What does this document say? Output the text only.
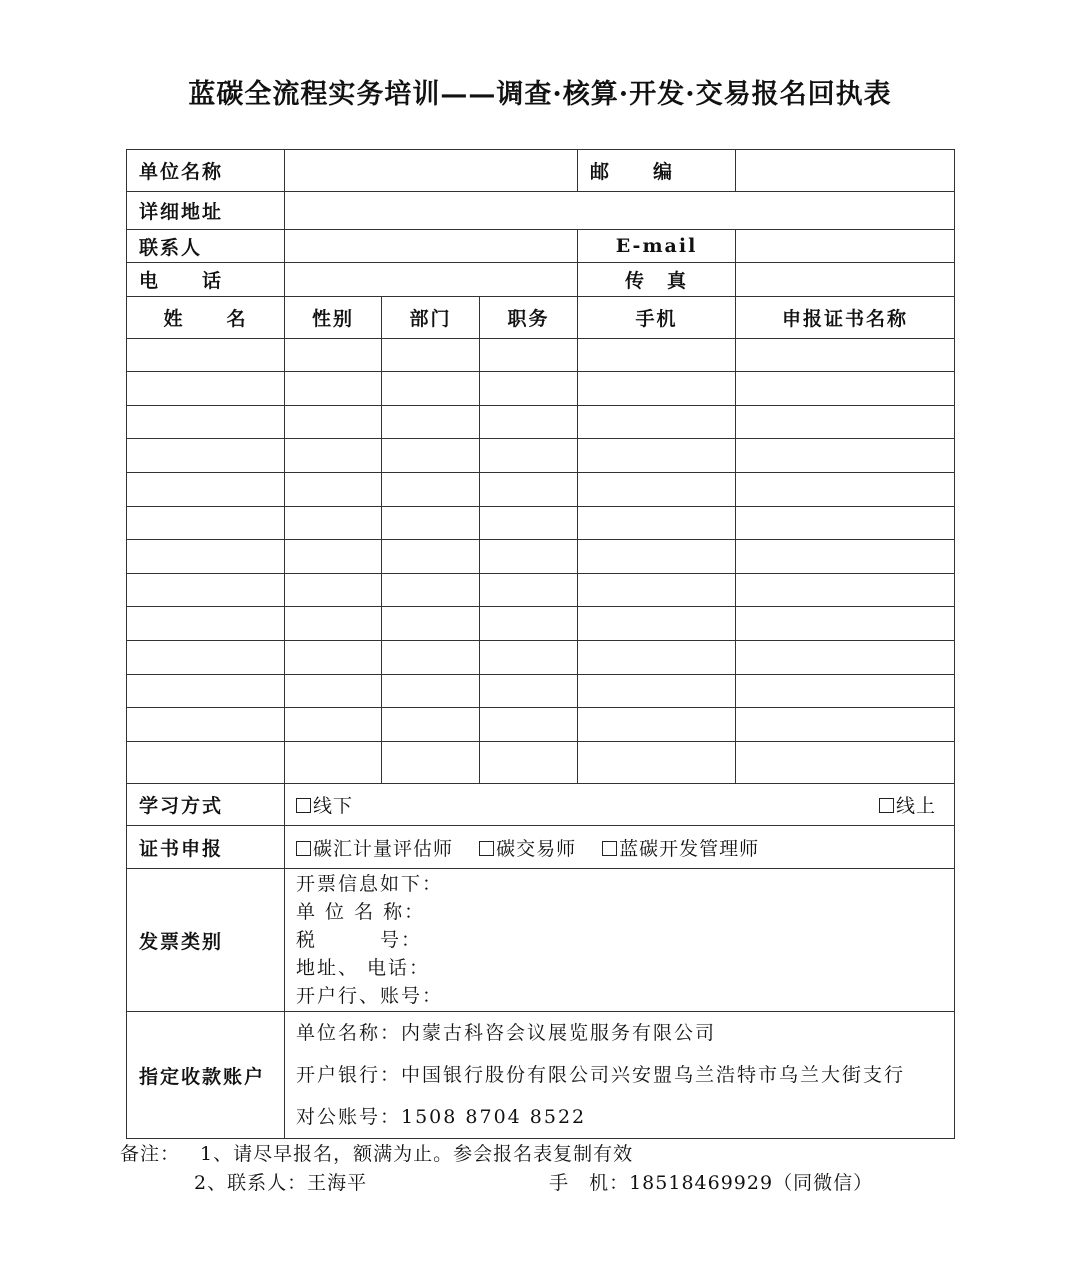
蓝碳全流程实务培训——调查·核算·开发·交易报名回执表
单位名称				邮　　编	
详细地址					
联系人				E-mail	
电　　话				传　真	
姓　　名	性别	部门	职务	手机	申报证书名称

学习方式	线下 线上				

证书申报	碳汇计量评估师 碳交易师 蓝碳开发管理师				
发票类别	开票信息如下：
单 位 名 称：
税　　　号：
地址、 电话：
开户行、账号：				

指定收款账户	单位名称：内蒙古科咨会议展览服务有限公司
开户银行：中国银行股份有限公司兴安盟乌兰浩特市乌兰大街支行
对公账号：1508 8704 8522				
备注： 1、请尽早报名，额满为止。参会报名表复制有效
2、联系人：王海平	手　机：18518469929（同微信）
